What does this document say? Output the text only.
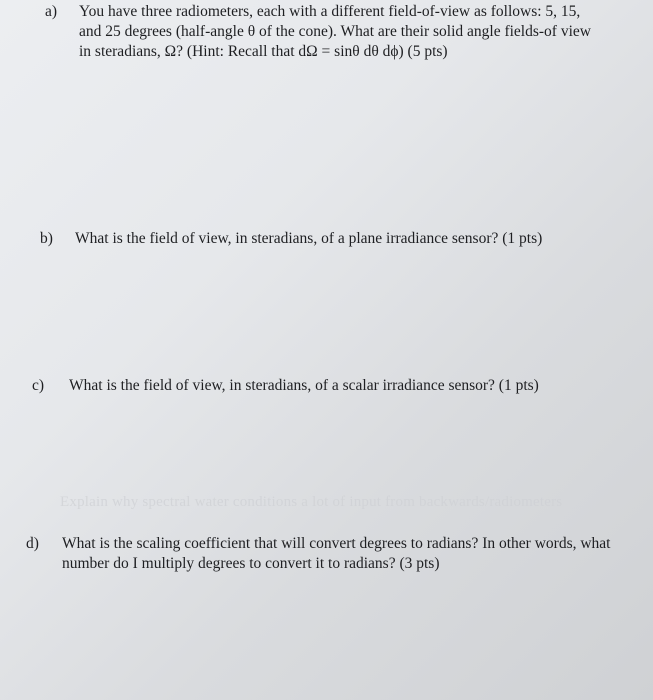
a) You have three radiometers, each with a different field-of-view as follows: 5, 15, and 25 degrees (half-angle θ of the cone). What are their solid angle fields-of view in steradians, Ω? (Hint: Recall that dΩ = sinθ dθ dϕ) (5 pts)
b) What is the field of view, in steradians, of a plane irradiance sensor? (1 pts)
c) What is the field of view, in steradians, of a scalar irradiance sensor? (1 pts)
Explain why spectral water conditions a lot of input from backwards/radiometers
d) What is the scaling coefficient that will convert degrees to radians? In other words, what number do I multiply degrees to convert it to radians? (3 pts)
